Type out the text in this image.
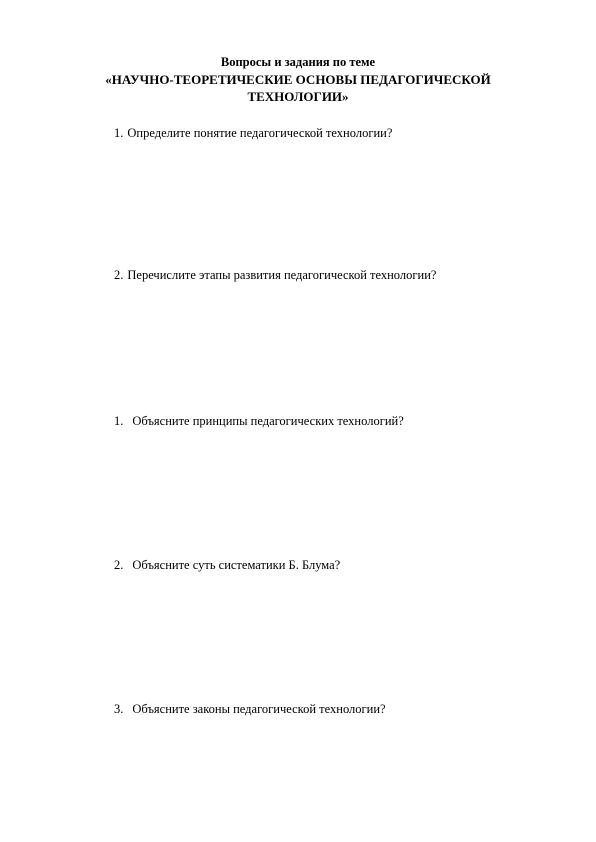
Вопросы и задания по теме
«НАУЧНО-ТЕОРЕТИЧЕСКИЕ ОСНОВЫ ПЕДАГОГИЧЕСКОЙ
ТЕХНОЛОГИИ»
1. Определите понятие педагогической технологии?
2. Перечислите этапы развития педагогической технологии?
1. Объясните принципы педагогических технологий?
2. Объясните суть систематики Б. Блума?
3. Объясните законы педагогической технологии?
